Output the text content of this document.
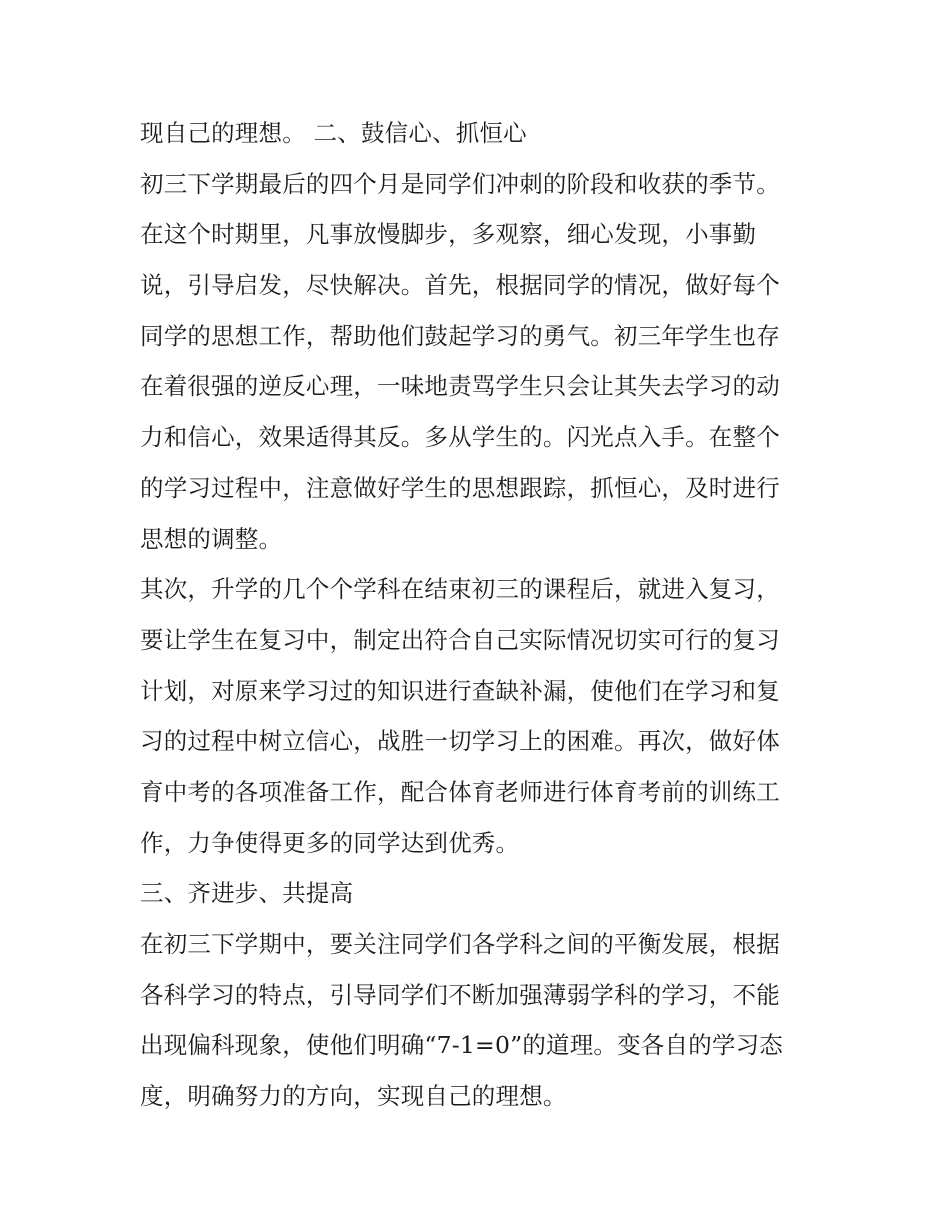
现自己的理想。 二、鼓信心、抓恒心
初三下学期最后的四个月是同学们冲刺的阶段和收获的季节。
在这个时期里，凡事放慢脚步，多观察，细心发现，小事勤
说，引导启发，尽快解决。首先，根据同学的情况，做好每个
同学的思想工作，帮助他们鼓起学习的勇气。初三年学生也存
在着很强的逆反心理，一味地责骂学生只会让其失去学习的动
力和信心，效果适得其反。多从学生的。闪光点入手。在整个
的学习过程中，注意做好学生的思想跟踪，抓恒心，及时进行
思想的调整。
其次，升学的几个个学科在结束初三的课程后，就进入复习，
要让学生在复习中，制定出符合自己实际情况切实可行的复习
计划，对原来学习过的知识进行查缺补漏，使他们在学习和复
习的过程中树立信心，战胜一切学习上的困难。再次，做好体
育中考的各项准备工作，配合体育老师进行体育考前的训练工
作，力争使得更多的同学达到优秀。
三、齐进步、共提高
在初三下学期中，要关注同学们各学科之间的平衡发展，根据
各科学习的特点，引导同学们不断加强薄弱学科的学习，不能
出现偏科现象，使他们明确“7-1=0”的道理。变各自的学习态
度，明确努力的方向，实现自己的理想。
